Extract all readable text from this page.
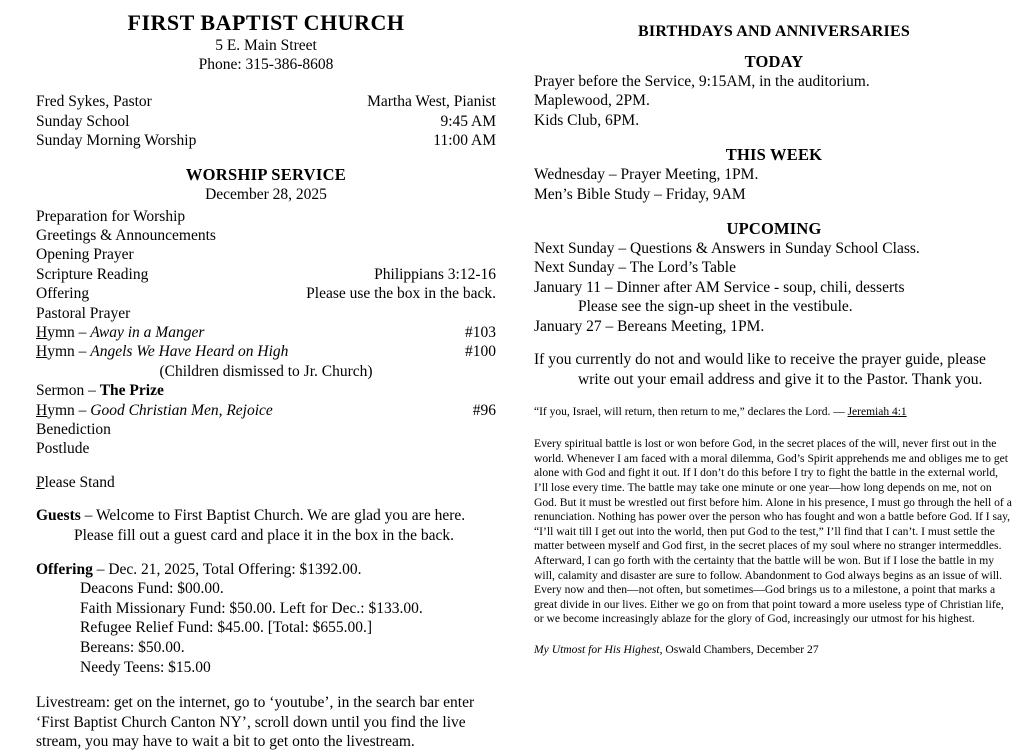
FIRST BAPTIST CHURCH
5 E. Main Street
Phone: 315-386-8608
Fred Sykes, Pastor	Martha West, Pianist
Sunday School	9:45 AM
Sunday Morning Worship	11:00 AM
WORSHIP SERVICE
December 28, 2025
Preparation for Worship
Greetings & Announcements
Opening Prayer
Scripture Reading	Philippians 3:12-16
Offering	Please use the box in the back.
Pastoral Prayer
Hymn – Away in a Manger	#103
Hymn – Angels We Have Heard on High	#100
(Children dismissed to Jr. Church)
Sermon – The Prize
Hymn – Good Christian Men, Rejoice	#96
Benediction
Postlude
Please Stand
Guests – Welcome to First Baptist Church. We are glad you are here.
Please fill out a guest card and place it in the box in the back.
Offering – Dec. 21, 2025, Total Offering: $1392.00.
Deacons Fund: $00.00.
Faith Missionary Fund: $50.00. Left for Dec.: $133.00.
Refugee Relief Fund: $45.00. [Total: $655.00.]
Bereans: $50.00.
Needy Teens: $15.00
Livestream: get on the internet, go to ‘youtube’, in the search bar enter ‘First Baptist Church Canton NY’, scroll down until you find the live stream, you may have to wait a bit to get onto the livestream.
BIRTHDAYS AND ANNIVERSARIES
TODAY
Prayer before the Service, 9:15AM, in the auditorium.
Maplewood, 2PM.
Kids Club, 6PM.
THIS WEEK
Wednesday – Prayer Meeting, 1PM.
Men’s Bible Study – Friday, 9AM
UPCOMING
Next Sunday – Questions & Answers in Sunday School Class.
Next Sunday – The Lord’s Table
January 11 – Dinner after AM Service - soup, chili, desserts
Please see the sign-up sheet in the vestibule.
January 27 – Bereans Meeting, 1PM.
If you currently do not and would like to receive the prayer guide, please
write out your email address and give it to the Pastor. Thank you.
“If you, Israel, will return, then return to me,” declares the Lord. — Jeremiah 4:1
Every spiritual battle is lost or won before God, in the secret places of the will, never first out in the world. Whenever I am faced with a moral dilemma, God’s Spirit apprehends me and obliges me to get alone with God and fight it out. If I don’t do this before I try to fight the battle in the external world, I’ll lose every time. The battle may take one minute or one year—how long depends on me, not on God. But it must be wrestled out first before him. Alone in his presence, I must go through the hell of a renunciation. Nothing has power over the person who has fought and won a battle before God. If I say, “I’ll wait till I get out into the world, then put God to the test,” I’ll find that I can’t. I must settle the matter between myself and God first, in the secret places of my soul where no stranger intermeddles. Afterward, I can go forth with the certainty that the battle will be won. But if I lose the battle in my will, calamity and disaster are sure to follow. Abandonment to God always begins as an issue of will. Every now and then—not often, but sometimes—God brings us to a milestone, a point that marks a great divide in our lives. Either we go on from that point toward a more useless type of Christian life, or we become increasingly ablaze for the glory of God, increasingly our utmost for his highest.
My Utmost for His Highest, Oswald Chambers, December 27
